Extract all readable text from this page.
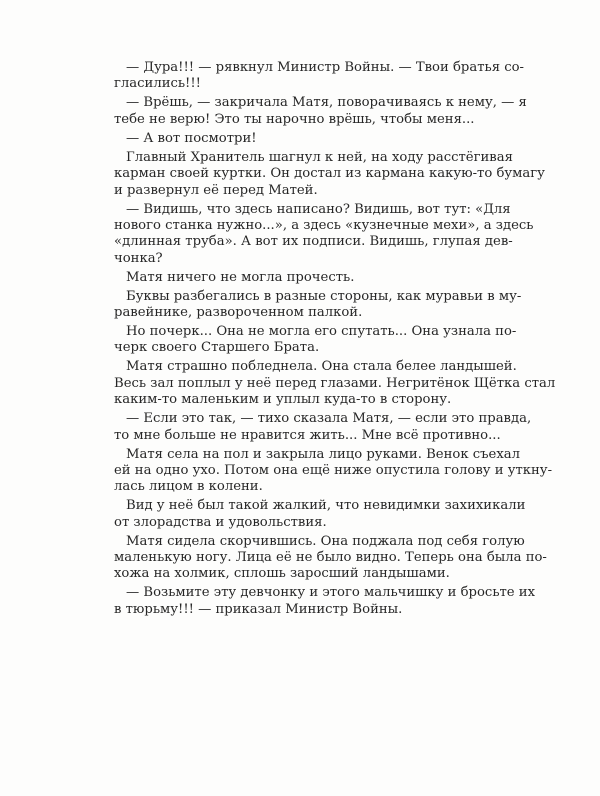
— Дура!!! — рявкнул Министр Войны. — Твои братья со-
гласились!!!

— Врёшь, — закричала Матя, поворачиваясь к нему, — я
тебе не верю! Это ты нарочно врёшь, чтобы меня...

— А вот посмотри!

Главный Хранитель шагнул к ней, на ходу расстёгивая
карман своей куртки. Он достал из кармана какую-то бумагу
и развернул её перед Матей.

— Видишь, что здесь написано? Видишь, вот тут: «Для
нового станка нужно...», а здесь «кузнечные мехи», а здесь
«длинная труба». А вот их подписи. Видишь, глупая дев-
чонка?

Матя ничего не могла прочесть.

Буквы разбегались в разные стороны, как муравьи в му-
равейнике, развороченном палкой.

Но почерк... Она не могла его спутать... Она узнала по-
черк своего Старшего Брата.

Матя страшно побледнела. Она стала белее ландышей.
Весь зал поплыл у неё перед глазами. Негритёнок Щётка стал
каким-то маленьким и уплыл куда-то в сторону.

— Если это так, — тихо сказала Матя, — если это правда,
то мне больше не нравится жить... Мне всё противно...

Матя села на пол и закрыла лицо руками. Венок съехал
ей на одно ухо. Потом она ещё ниже опустила голову и уткну-
лась лицом в колени.

Вид у неё был такой жалкий, что невидимки захихикали
от злорадства и удовольствия.

Матя сидела скорчившись. Она поджала под себя голую
маленькую ногу. Лица её не было видно. Теперь она была по-
хожа на холмик, сплошь заросший ландышами.

— Возьмите эту девчонку и этого мальчишку и бросьте их
в тюрьму!!! — приказал Министр Войны.
